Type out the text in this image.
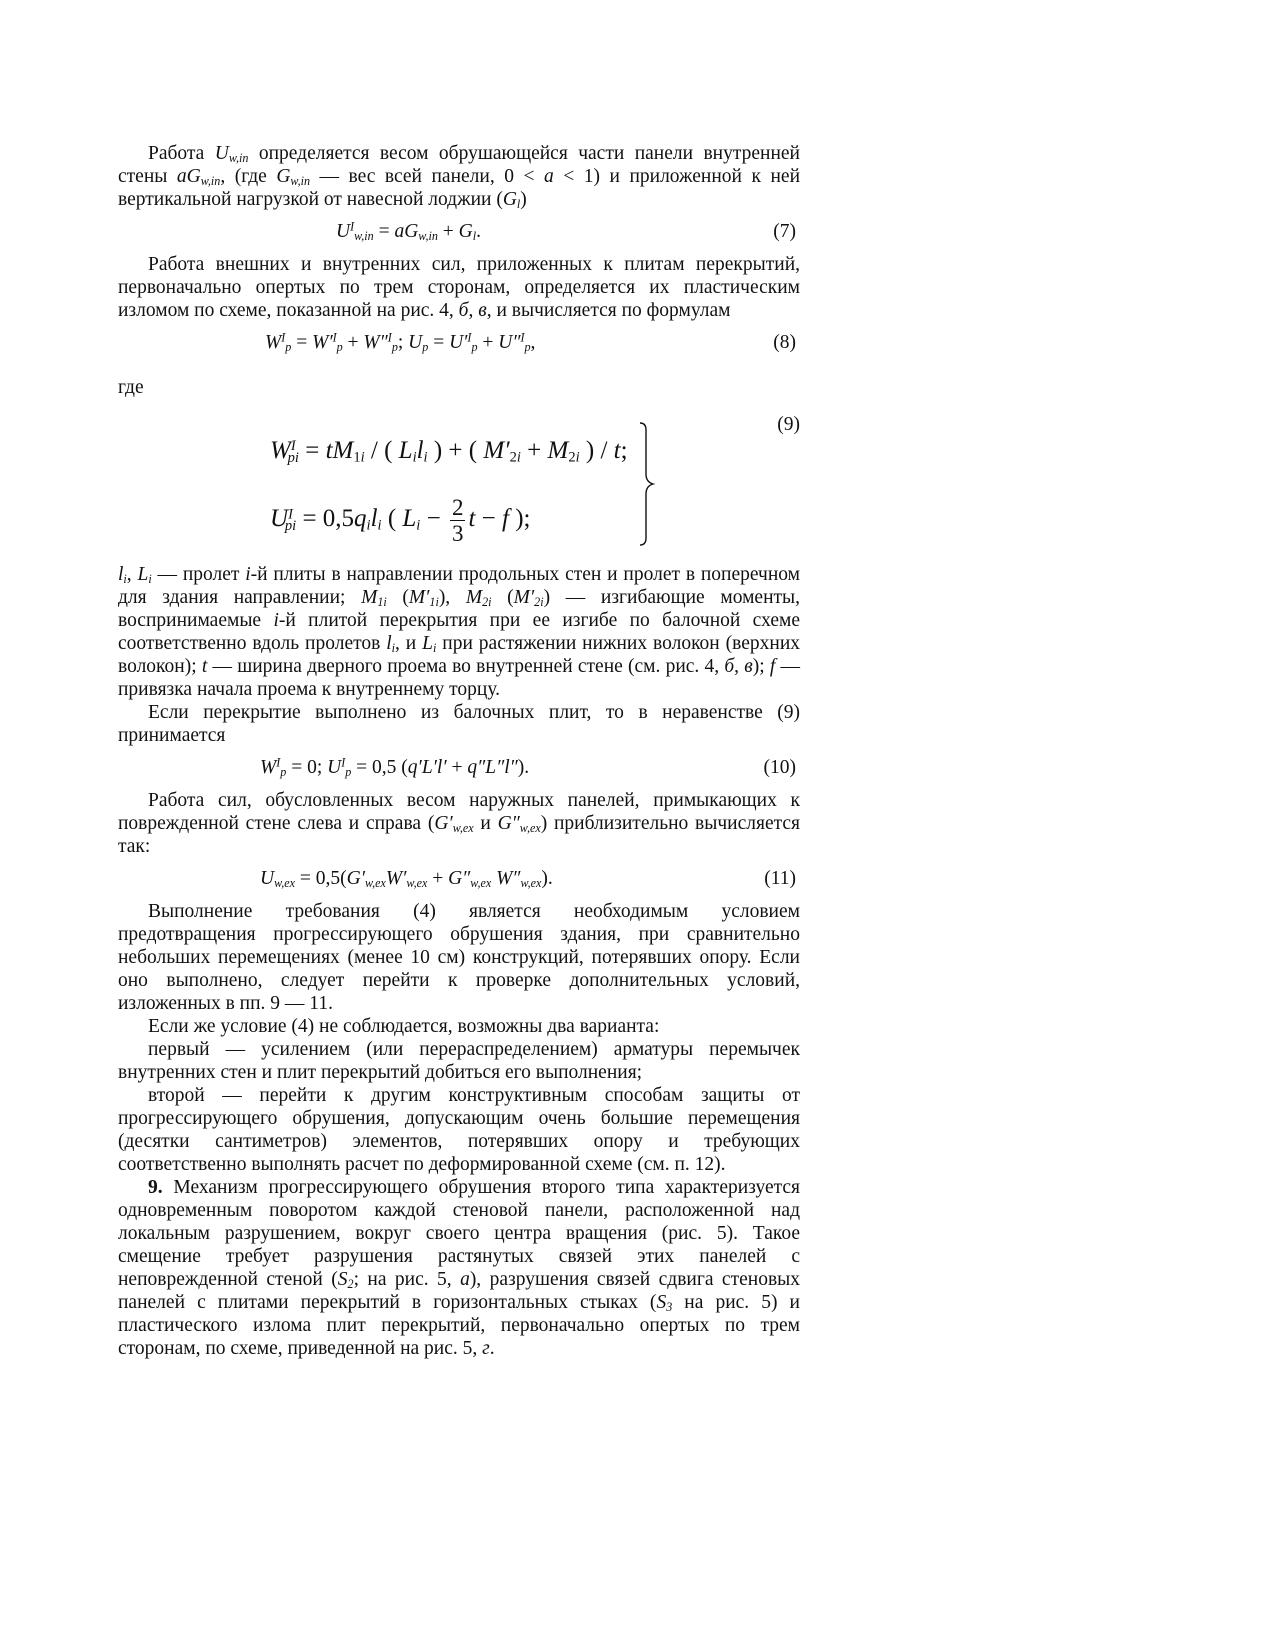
Работа $U_{w,in}$ определяется весом обрушающейся части панели внутренней стены $aG_{w,in}$, (где $G_{w,in}$ — вес всей панели, 0 < a < 1) и приложенной к ней вертикальной нагрузкой от навесной лоджии $(G_l)$

$U^I_{w,in} = aG_{w,in} + G_l$.	(7)

Работа внешних и внутренних сил, приложенных к плитам перекрытий, первоначально опертых по трем сторонам, определяется их пластическим изломом по схеме, показанной на рис. 4, б, в, и вычисляется по формулам

$W^I_p = W'^I_p + W''^I_p$; $U_p = U'^I_p + U''^I_p$,	(8)

где

(9)
$W^I_{pi} = tM_{1i}$ / ( $L_il_i$ ) + ( $M'_{2i} + M_{2i}$ ) / t;
$U^I_{pi} = 0,5q_il_i$ ( $L_i - \frac{2}{3}$ t − f );

$l_i$, $L_i$ — пролет i-й плиты в направлении продольных стен и пролет в поперечном для здания направлении; $M_{1i}$ $(M'_{1i})$, $M_{2i}$ $(M'_{2i})$ — изгибающие моменты, воспринимаемые i-й плитой перекрытия при ее изгибе по балочной схеме соответственно вдоль пролетов $l_i$, и $L_i$ при растяжении нижних волокон (верхних волокон); t — ширина дверного проема во внутренней стене (см. рис. 4, б, в); f — привязка начала проема к внутреннему торцу.

Если перекрытие выполнено из балочных плит, то в неравенстве (9) принимается

$W^I_p = 0$; $U^I_p = 0,5$ (q′L′l′ + q″L″l″).	(10)

Работа сил, обусловленных весом наружных панелей, примыкающих к поврежденной стене слева и справа ($G'_{w,ex}$ и $G''_{w,ex}$) приблизительно вычисляется так:

$U_{w,ex} = 0,5(G'_{w,ex}W'_{w,ex} + G''_{w,ex}$ $W''_{w,ex}$).	(11)

Выполнение требования (4) является необходимым условием предотвращения прогрессирующего обрушения здания, при сравнительно небольших перемещениях (менее 10 см) конструкций, потерявших опору. Если оно выполнено, следует перейти к проверке дополнительных условий, изложенных в пп. 9 — 11.

Если же условие (4) не соблюдается, возможны два варианта:

первый — усилением (или перераспределением) арматуры перемычек внутренних стен и плит перекрытий добиться его выполнения;

второй — перейти к другим конструктивным способам защиты от прогрессирующего обрушения, допускающим очень большие перемещения (десятки сантиметров) элементов, потерявших опору и требующих соответственно выполнять расчет по деформированной схеме (см. п. 12).

9. Механизм прогрессирующего обрушения второго типа характеризуется одновременным поворотом каждой стеновой панели, расположенной над локальным разрушением, вокруг своего центра вращения (рис. 5). Такое смещение требует разрушения растянутых связей этих панелей с неповрежденной стеной ($S_2$; на рис. 5, а), разрушения связей сдвига стеновых панелей с плитами перекрытий в горизонтальных стыках ($S_3$ на рис. 5) и пластического излома плит перекрытий, первоначально опертых по трем сторонам, по схеме, приведенной на рис. 5, г.
